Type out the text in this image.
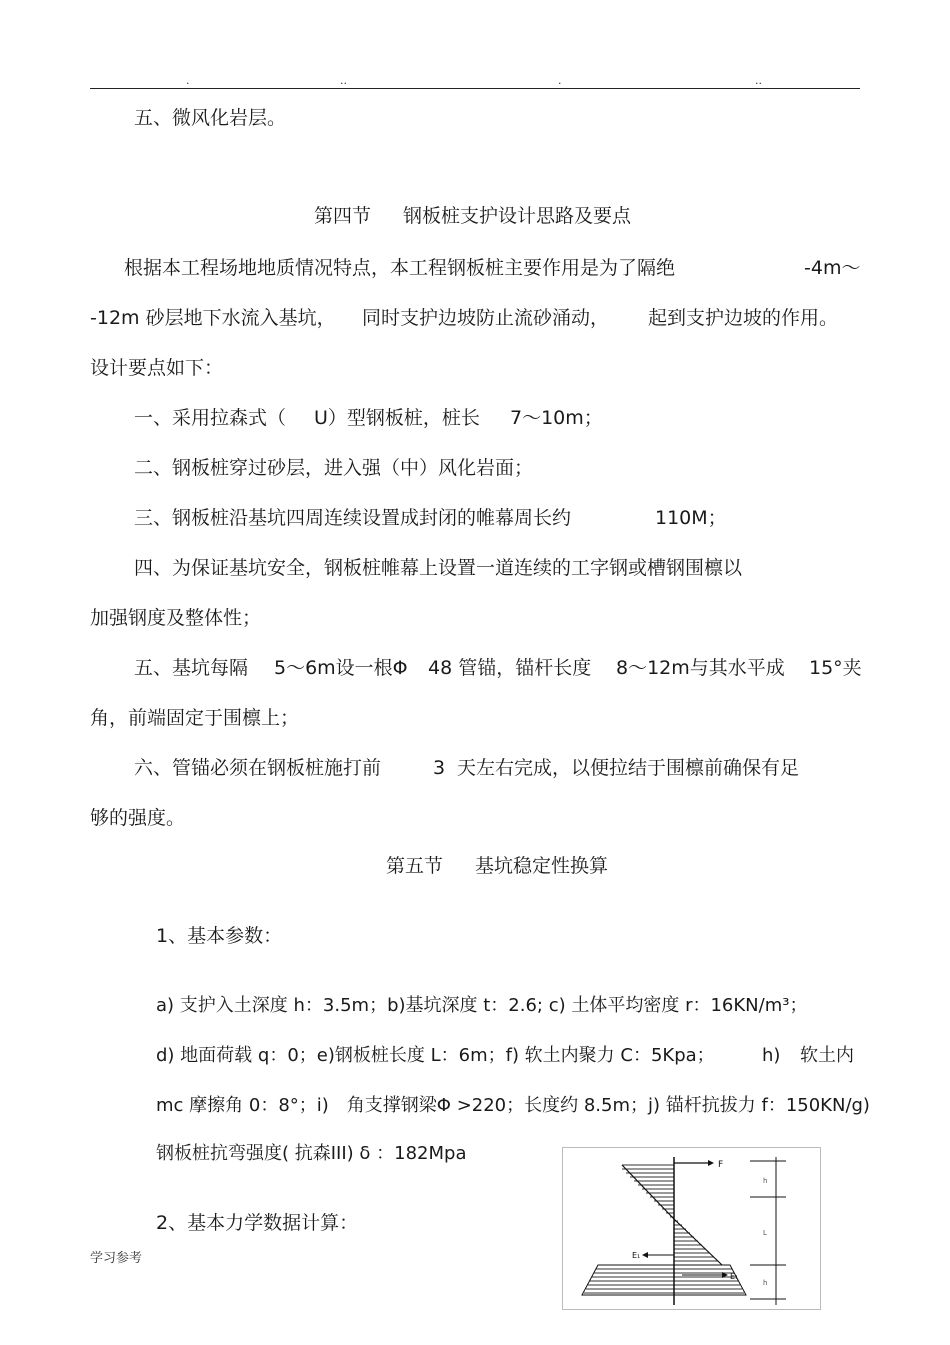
.	..	.	..
五、微风化岩层。
第四节 钢板桩支护设计思路及要点
根据本工程场地地质情况特点，本工程钢板桩主要作用是为了隔绝	-4m～
-12m 砂层地下水流入基坑， 同时支护边坡防止流砂涌动， 起到支护边坡的作用。
设计要点如下：
一、采用拉森式（ U）型钢板桩，桩长 7～10m；
二、钢板桩穿过砂层，进入强（中）风化岩面；
三、钢板桩沿基坑四周连续设置成封闭的帷幕周长约	110M；
四、为保证基坑安全，钢板桩帷幕上设置一道连续的工字钢或槽钢围檩以
加强钢度及整体性；
五、基坑每隔 5～6m设一根Φ 48 管锚，锚杆长度 8～12m与其水平成 15°夹
角，前端固定于围檩上；
六、管锚必须在钢板桩施打前	3 天左右完成，以便拉结于围檩前确保有足
够的强度。
第五节 基坑稳定性换算
1、基本参数：
a) 支护入土深度 h：3.5m；b)基坑深度 t：2.6; c) 土体平均密度 r：16KN/m³；
d) 地面荷载 q：0；e)钢板桩长度 L：6m；f) 软土内聚力 C：5Kpa；	h) 软土内
mc 摩擦角 0：8°；i)　角支撑钢梁Φ >220；长度约 8.5m；j) 锚杆抗拔力 f：150KN/g)
钢板桩抗弯强度( 抗森III) δ ：182Mpa
2、基本力学数据计算：
学习参考
F
E₁
E₁
h
L
h
